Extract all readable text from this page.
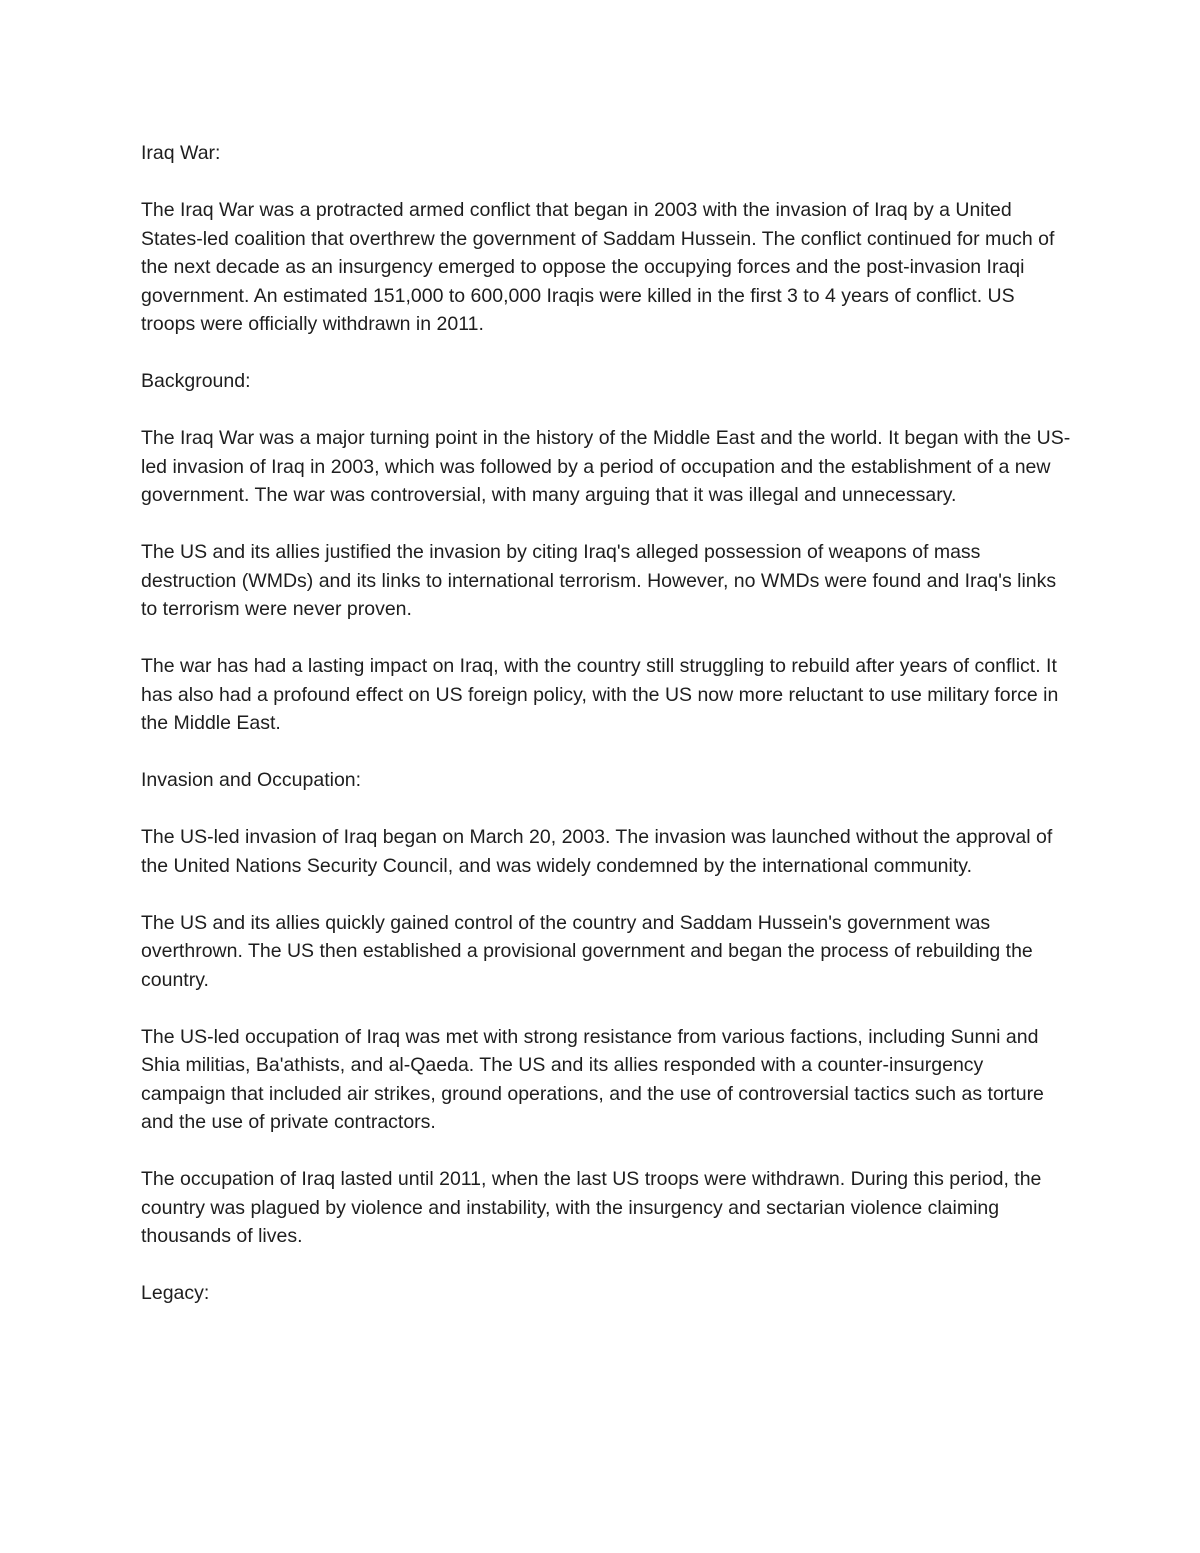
Iraq War:
The Iraq War was a protracted armed conflict that began in 2003 with the invasion of Iraq by a United States-led coalition that overthrew the government of Saddam Hussein. The conflict continued for much of the next decade as an insurgency emerged to oppose the occupying forces and the post-invasion Iraqi government. An estimated 151,000 to 600,000 Iraqis were killed in the first 3 to 4 years of conflict. US troops were officially withdrawn in 2011.
Background:
The Iraq War was a major turning point in the history of the Middle East and the world. It began with the US-led invasion of Iraq in 2003, which was followed by a period of occupation and the establishment of a new government. The war was controversial, with many arguing that it was illegal and unnecessary.
The US and its allies justified the invasion by citing Iraq's alleged possession of weapons of mass destruction (WMDs) and its links to international terrorism. However, no WMDs were found and Iraq's links to terrorism were never proven.
The war has had a lasting impact on Iraq, with the country still struggling to rebuild after years of conflict. It has also had a profound effect on US foreign policy, with the US now more reluctant to use military force in the Middle East.
Invasion and Occupation:
The US-led invasion of Iraq began on March 20, 2003. The invasion was launched without the approval of the United Nations Security Council, and was widely condemned by the international community.
The US and its allies quickly gained control of the country and Saddam Hussein's government was overthrown. The US then established a provisional government and began the process of rebuilding the country.
The US-led occupation of Iraq was met with strong resistance from various factions, including Sunni and Shia militias, Ba'athists, and al-Qaeda. The US and its allies responded with a counter-insurgency campaign that included air strikes, ground operations, and the use of controversial tactics such as torture and the use of private contractors.
The occupation of Iraq lasted until 2011, when the last US troops were withdrawn. During this period, the country was plagued by violence and instability, with the insurgency and sectarian violence claiming thousands of lives.
Legacy:
